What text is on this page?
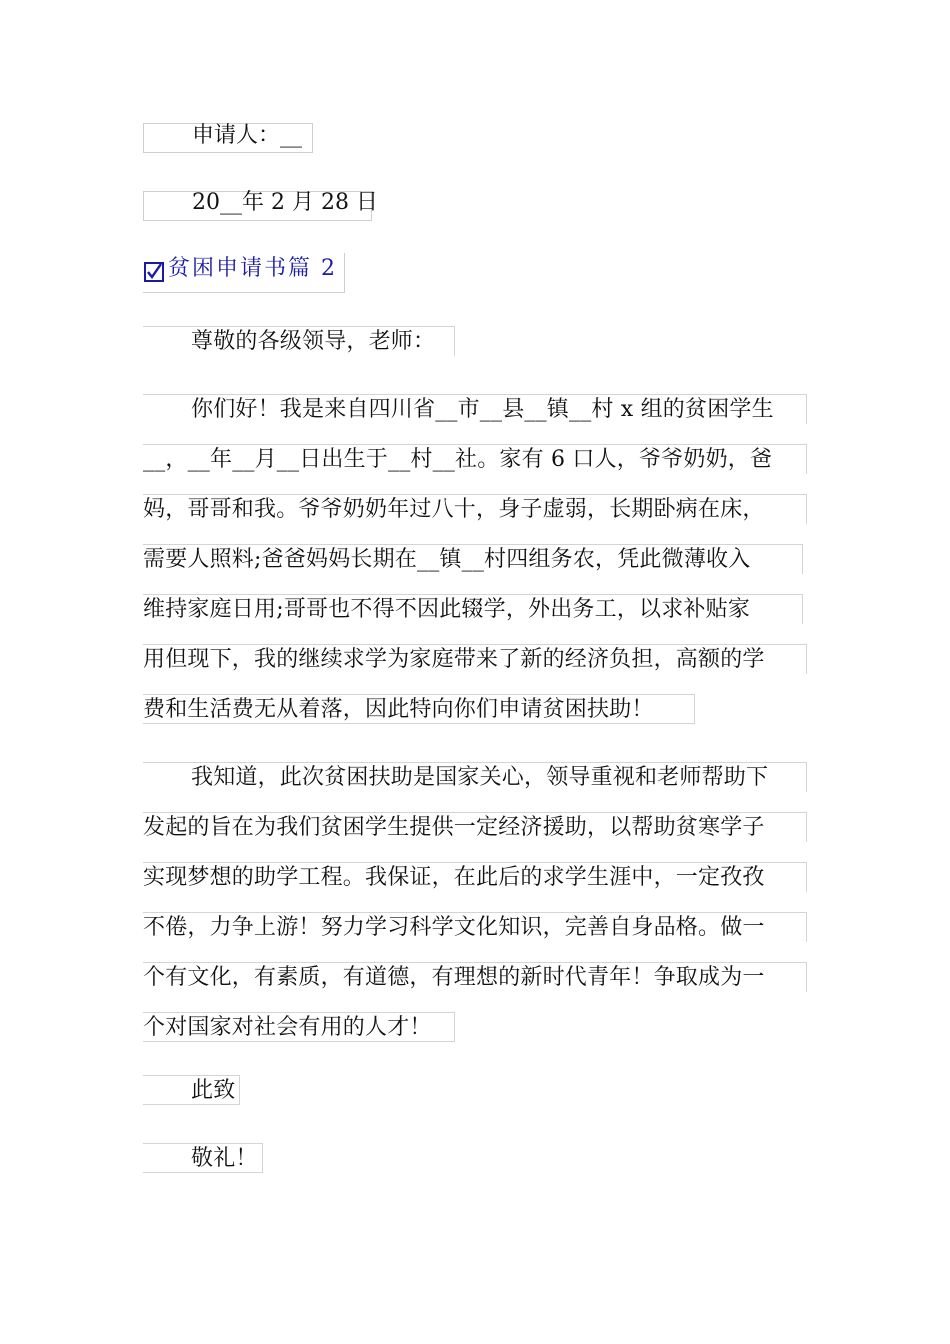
申请人：__
20__年 2 月 28 日
贫困申请书篇 2
尊敬的各级领导，老师：
你们好！我是来自四川省__市__县__镇__村 x 组的贫困学生
__，__年__月__日出生于__村__社。家有 6 口人，爷爷奶奶，爸
妈，哥哥和我。爷爷奶奶年过八十，身子虚弱，长期卧病在床，
需要人照料;爸爸妈妈长期在__镇__村四组务农，凭此微薄收入
维持家庭日用;哥哥也不得不因此辍学，外出务工，以求补贴家
用但现下，我的继续求学为家庭带来了新的经济负担，高额的学
费和生活费无从着落，因此特向你们申请贫困扶助！
我知道，此次贫困扶助是国家关心，领导重视和老师帮助下
发起的旨在为我们贫困学生提供一定经济援助，以帮助贫寒学子
实现梦想的助学工程。我保证，在此后的求学生涯中，一定孜孜
不倦，力争上游！努力学习科学文化知识，完善自身品格。做一
个有文化，有素质，有道德，有理想的新时代青年！争取成为一
个对国家对社会有用的人才！
此致
敬礼！
